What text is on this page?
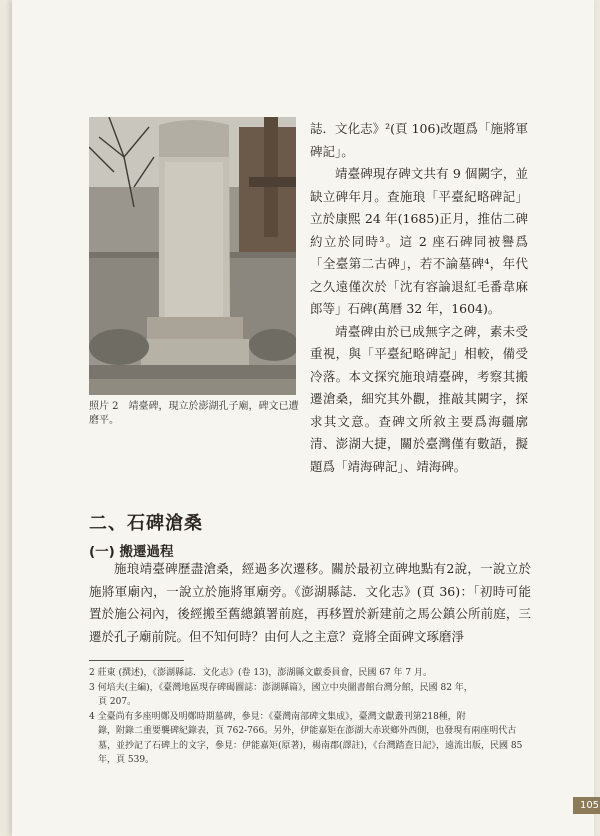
照片 2　靖臺碑，現立於澎湖孔子廟，碑文已遭磨平。

誌．文化志》²(頁 106)改題爲「施將軍碑記」。

靖臺碑現存碑文共有 9 個闕字，並缺立碑年月。查施琅「平臺紀略碑記」立於康熙 24 年(1685)正月，推估二碑約立於同時³。這 2 座石碑同被譽爲「全臺第二古碑」，若不論墓碑⁴，年代之久遠僅次於「沈有容論退紅毛番韋麻郎等」石碑(萬曆 32 年，1604)。

靖臺碑由於已成無字之碑，素未受重視，與「平臺紀略碑記」相較，備受冷落。本文探究施琅靖臺碑，考察其搬遷滄桑，細究其外觀，推敲其闕字，探求其文意。查碑文所敘主要爲海疆廓清、澎湖大捷，關於臺灣僅有數語，擬題爲「靖海碑記」、靖海碑。

二、石碑滄桑
(一) 搬遷過程

施琅靖臺碑歷盡滄桑，經過多次遷移。關於最初立碑地點有2說，一說立於施將軍廟內，一說立於施將軍廟旁。《澎湖縣誌．文化志》(頁 36)：「初時可能置於施公祠內，後經搬至舊總鎮署前庭，再移置於新建前之馬公鎮公所前庭，三遷於孔子廟前院。但不知何時？由何人之主意？竟將全面碑文琢磨淨

2 莊東 (撰述)，《澎湖縣誌．文化志》(卷 13)，澎湖縣文獻委員會，民國 67 年 7 月。

3 何培夫(主編)，《臺灣地區現存碑碣圖誌：澎湖縣篇》，國立中央圖書館台灣分館，民國 82 年，
頁 207。

4 全臺尚有多座明鄭及明鄭時期墓碑，參見：《臺灣南部碑文集成》，臺灣文獻叢刊第218種，附
錄，附錄二重要襲碑紀錄表，頁 762-766。另外，伊能嘉矩在澎湖大赤崁鄉外西側，也發現有兩座明代古墓，並抄記了石碑上的文字，參見：伊能嘉矩(原著)，楊南郡(譯註)，《台灣踏査日記》，遠流出版，民國 85 年，頁 539。

105
